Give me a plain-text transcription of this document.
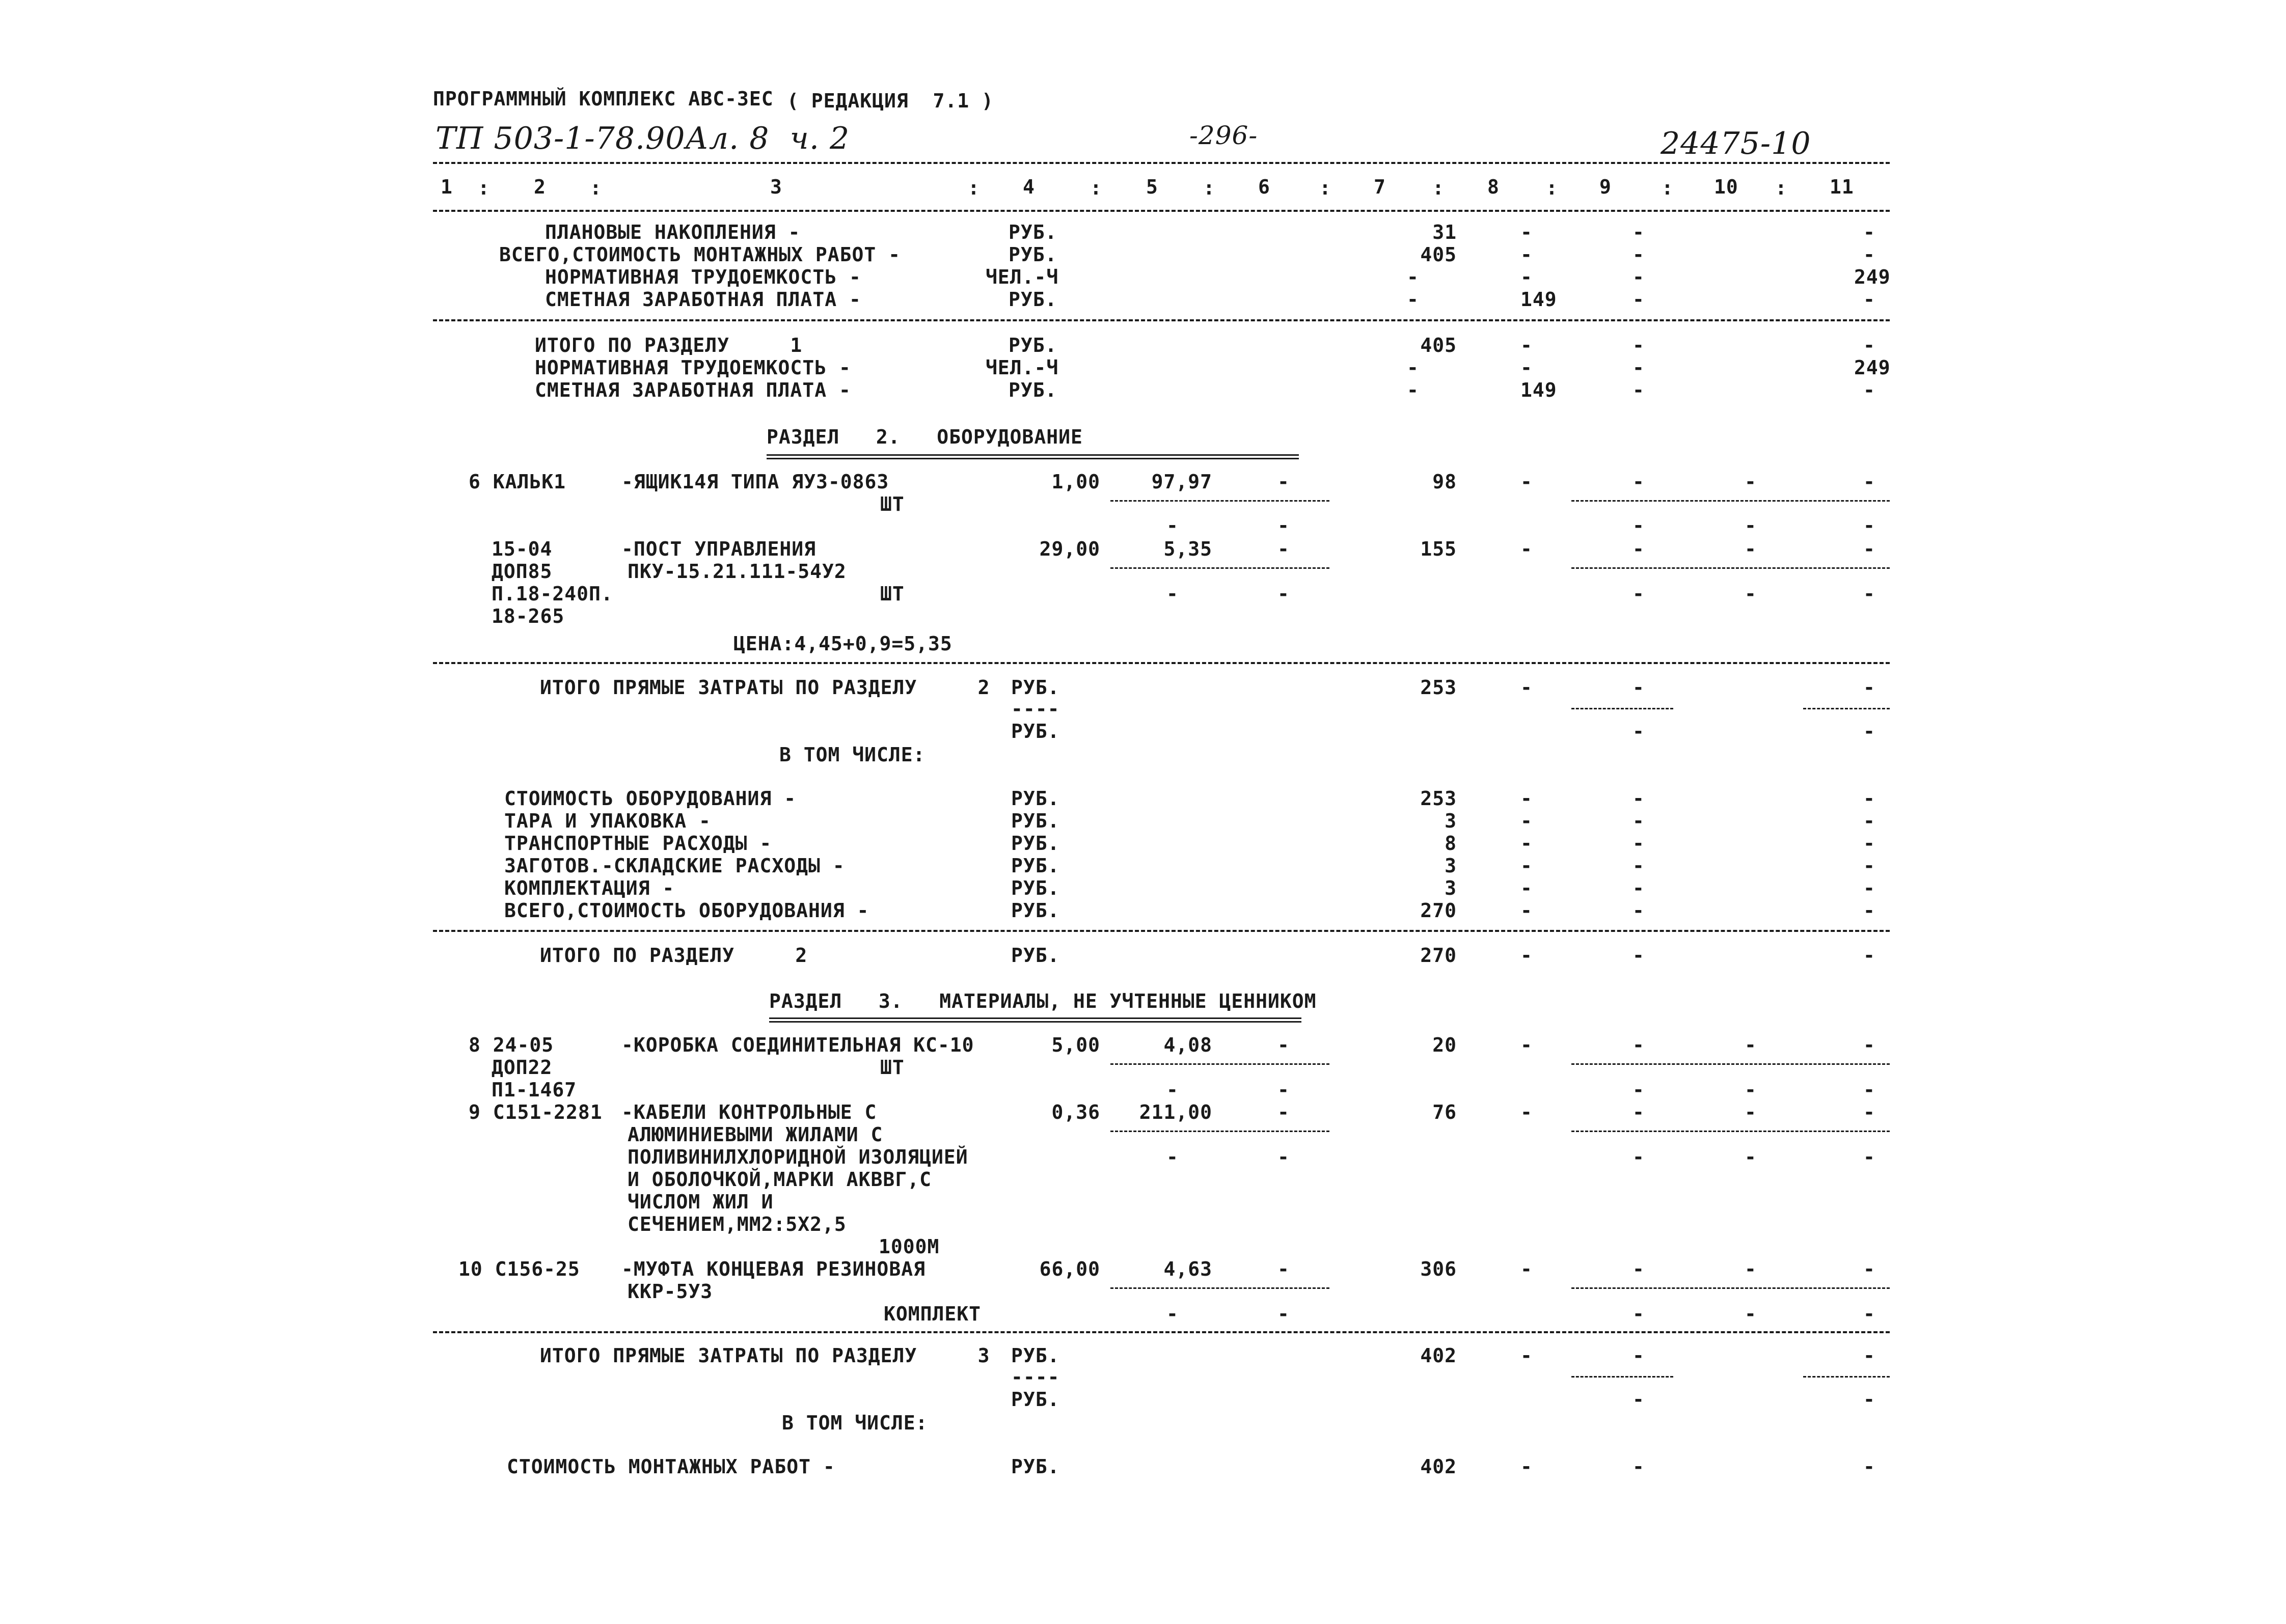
ПРОГРАММНЫЙ КОМПЛЕКС АВС-3ЕС ( РЕДАКЦИЯ  7.1 )
ТП 503-1-78.90Ал. 8  ч. 2	-296-	24475-10
1 : 2 :	3	: 4	: 5 : 6	: 7 : 8 : 9	: 10 : 11
ПЛАНОВЫЕ НАКОПЛЕНИЯ -	РУБ.	31	-	-	-
ВСЕГО,СТОИМОСТЬ МОНТАЖНЫХ РАБОТ -	РУБ.	405	-	-	-
НОРМАТИВНАЯ ТРУДОЕМКОСТЬ -	ЧЕЛ.-Ч	-	-	-	249
СМЕТНАЯ ЗАРАБОТНАЯ ПЛАТА -	РУБ.	-	149	-	-
ИТОГО ПО РАЗДЕЛУ     1	РУБ.	405	-	-	-
НОРМАТИВНАЯ ТРУДОЕМКОСТЬ -	ЧЕЛ.-Ч	-	-	-	249
СМЕТНАЯ ЗАРАБОТНАЯ ПЛАТА -	РУБ.	-	149	-	-
РАЗДЕЛ   2.   ОБОРУДОВАНИЕ
6 КАЛЬК1	-ЯЩИК14Я ТИПА ЯУЗ-0863
ШТ
1,00	97,97	-	98	-	-	-	-
-	-	-	-	-
15-04
ДОП85
П.18-240П.
18-265
-ПОСТ УПРАВЛЕНИЯ
ПКУ-15.21.111-54У2
ШТ
29,00	5,35	-	155	-	-	-	-
-	-	-	-	-
ЦЕНА:4,45+0,9=5,35
ИТОГО ПРЯМЫЕ ЗАТРАТЫ ПО РАЗДЕЛУ     2 РУБ.	253	-	-	-
----
РУБ.	-	-
В ТОМ ЧИСЛЕ:
СТОИМОСТЬ ОБОРУДОВАНИЯ -	РУБ.	253	-	-	-
ТАРА И УПАКОВКА -	РУБ.	3	-	-	-
ТРАНСПОРТНЫЕ РАСХОДЫ -	РУБ.	8	-	-	-
ЗАГОТОВ.-СКЛАДСКИЕ РАСХОДЫ -	РУБ.	3	-	-	-
КОМПЛЕКТАЦИЯ -	РУБ.	3	-	-	-
ВСЕГО,СТОИМОСТЬ ОБОРУДОВАНИЯ -	РУБ.	270	-	-	-
ИТОГО ПО РАЗДЕЛУ     2	РУБ.	270	-	-	-
РАЗДЕЛ   3.   МАТЕРИАЛЫ, НЕ УЧТЕННЫЕ ЦЕННИКОМ
8 24-05
ДОП22
П1-1467
-КОРОБКА СОЕДИНИТЕЛЬНАЯ КС-10
ШТ
5,00	4,08	-	20	-	-	-	-
-	-	-	-	-
9 С151-2281 -КАБЕЛИ КОНТРОЛЬНЫЕ С
АЛЮМИНИЕВЫМИ ЖИЛАМИ С
ПОЛИВИНИЛХЛОРИДНОЙ ИЗОЛЯЦИЕЙ
И ОБОЛОЧКОЙ,МАРКИ АКВВГ,С
ЧИСЛОМ ЖИЛ И
СЕЧЕНИЕМ,ММ2:5Х2,5
1000М
0,36	211,00	-	76	-	-	-	-
-	-	-	-	-
10 С156-25 -МУФТА КОНЦЕВАЯ РЕЗИНОВАЯ
ККР-5У3
КОМПЛЕКТ
66,00	4,63	-	306	-	-	-	-
-	-	-	-	-
ИТОГО ПРЯМЫЕ ЗАТРАТЫ ПО РАЗДЕЛУ     3 РУБ.	402	-	-	-
----
РУБ.	-	-
В ТОМ ЧИСЛЕ:
СТОИМОСТЬ МОНТАЖНЫХ РАБОТ -	РУБ.	402	-	-	-
